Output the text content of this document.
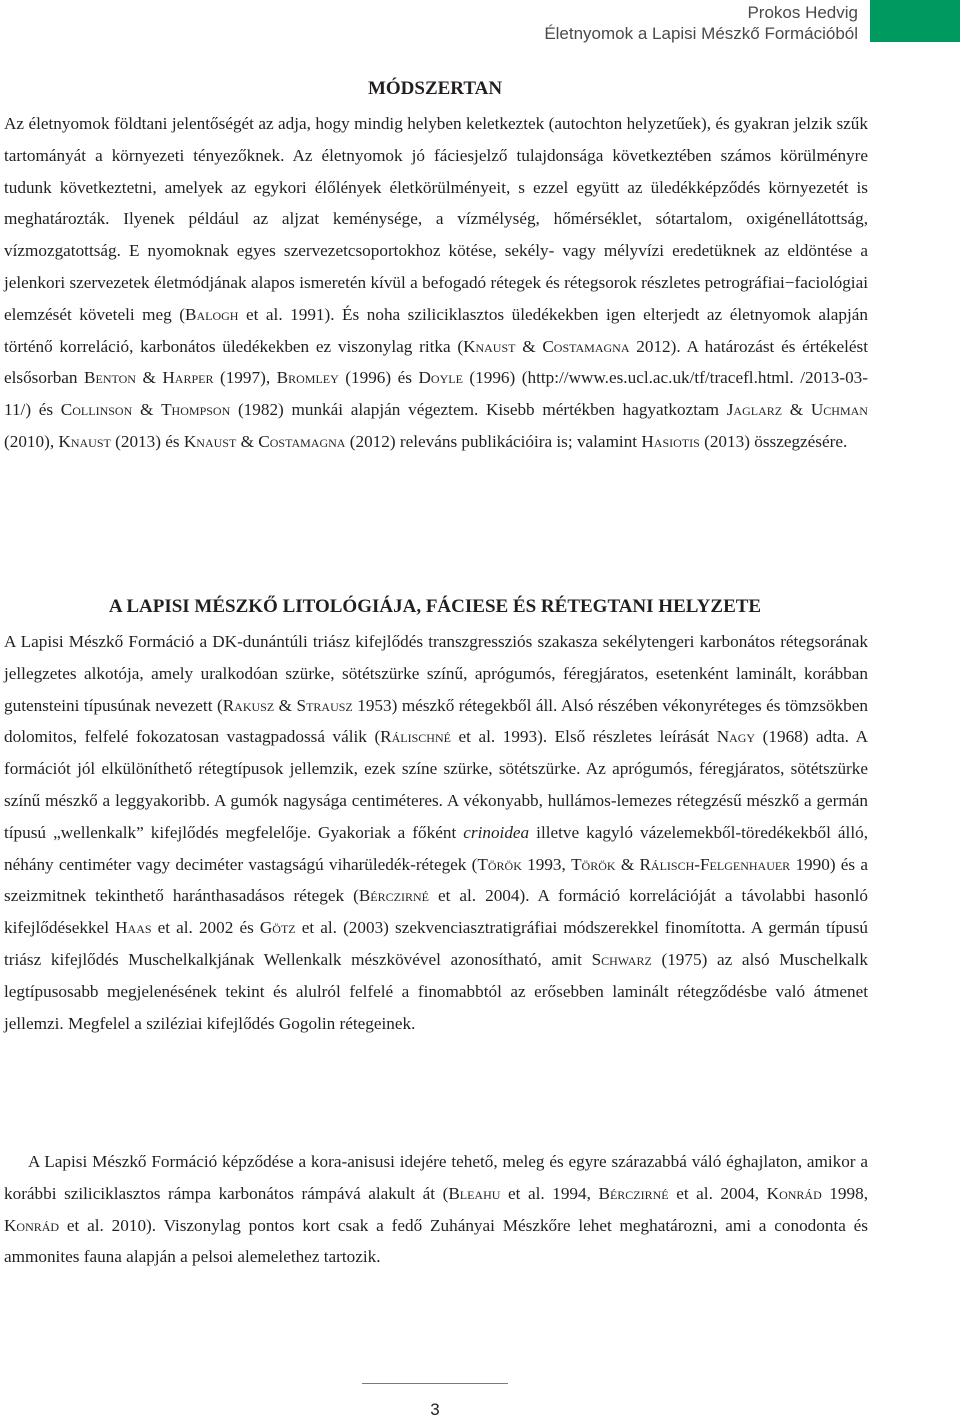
Prokos Hedvig
Életnyomok a Lapisi Mészkő Formációból
MÓDSZERTAN

Az életnyomok földtani jelentőségét az adja, hogy mindig helyben keletkeztek (autochton helyzetűek), és gyakran jelzik szűk tartományát a környezeti tényezőknek. Az életnyomok jó fáciesjelző tulajdonsága következtében számos körülményre tudunk következtetni, amelyek az egykori élőlények életkörülményeit, s ezzel együtt az üledékképződés környezetét is meghatározták. Ilyenek például az aljzat keménysége, a vízmélység, hőmérséklet, sótartalom, oxigénellátottság, vízmozgatottság. E nyomoknak egyes szervezetcsoportokhoz kötése, sekély- vagy mélyvízi eredetüknek az eldöntése a jelenkori szervezetek életmódjának alapos ismeretén kívül a befogadó rétegek és rétegsorok részletes petrográfiai−faciológiai elemzését követeli meg (Balogh et al. 1991). És noha sziliciklasztos üledékekben igen elterjedt az életnyomok alapján történő korreláció, karbonátos üledékekben ez viszonylag ritka (Knaust & Costamagna 2012). A határozást és értékelést elsősorban Benton & Harper (1997), Bromley (1996) és Doyle (1996) (http://www.es.ucl.ac.uk/tf/tracefl.html. /2013-03-11/) és Collinson & Thompson (1982) munkái alapján végeztem. Kisebb mértékben hagyatkoztam Jaglarz & Uchman (2010), Knaust (2013) és Knaust & Costamagna (2012) releváns publikációira is; valamint Hasiotis (2013) összegzésére.

A LAPISI MÉSZKŐ LITOLÓGIÁJA, FÁCIESE ÉS RÉTEGTANI HELYZETE

A Lapisi Mészkő Formáció a DK-dunántúli triász kifejlődés transzgressziós szakasza sekélytengeri karbonátos rétegsorának jellegzetes alkotója, amely uralkodóan szürke, sötétszürke színű, aprógumós, féregjáratos, esetenként laminált, korábban gutensteini típusúnak nevezett (Rakusz & Strausz 1953) mészkő rétegekből áll. Alsó részében vékonyréteges és tömzsökben dolomitos, felfelé fokozatosan vastagpadossá válik (Rálischné et al. 1993). Első részletes leírását Nagy (1968) adta. A formációt jól elkülöníthető rétegtípusok jellemzik, ezek színe szürke, sötétszürke. Az aprógumós, féregjáratos, sötétszürke színű mészkő a leggyakoribb. A gumók nagysága centiméteres. A vékonyabb, hullámos-lemezes rétegzésű mészkő a germán típusú „wellenkalk” kifejlődés megfelelője. Gyakoriak a főként crinoidea illetve kagyló vázelemekből-töredékekből álló, néhány centiméter vagy deciméter vastagságú viharüledék-rétegek (Török 1993, Török & Rálisch-Felgenhauer 1990) és a szeizmitnek tekinthető haránthasadásos rétegek (Bérczirné et al. 2004). A formáció korrelációját a távolabbi hasonló kifejlődésekkel Haas et al. 2002 és Götz et al. (2003) szekvenciasztratigráfiai módszerekkel finomította. A germán típusú triász kifejlődés Muschelkalkjának Wellenkalk mészkövével azonosítható, amit Schwarz (1975) az alsó Muschelkalk legtípusosabb megjelenésének tekint és alulról felfelé a finomabbtól az erősebben laminált rétegződésbe való átmenet jellemzi. Megfelel a sziléziai kifejlődés Gogolin rétegeinek.

A Lapisi Mészkő Formáció képződése a kora-anisusi idejére tehető, meleg és egyre szárazabbá váló éghajlaton, amikor a korábbi sziliciklasztos rámpa karbonátos rámpává alakult át (Bleahu et al. 1994, Bérczirné et al. 2004, Konrád 1998, Konrád et al. 2010). Viszonylag pontos kort csak a fedő Zuhányai Mészkőre lehet meghatározni, ami a conodonta és ammonites fauna alapján a pelsoi alemelethez tartozik.

3
